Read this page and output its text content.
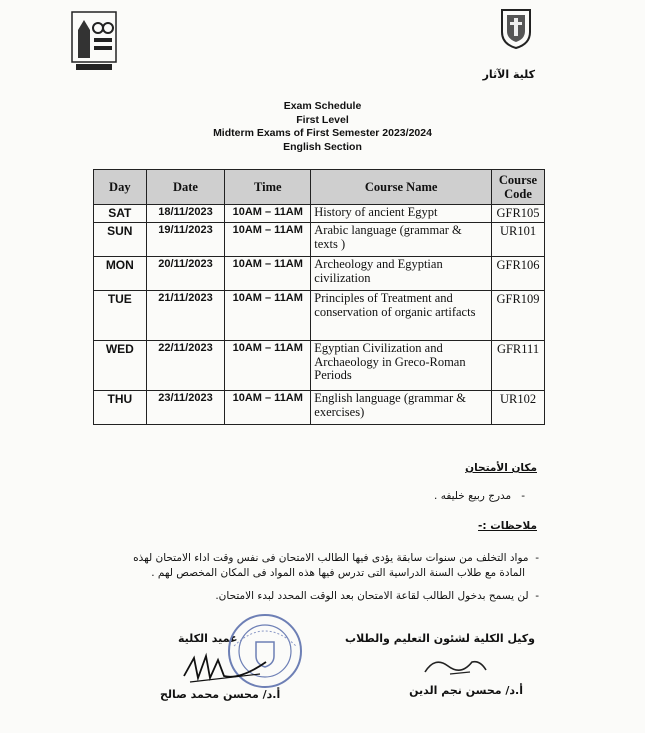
كلية الآثار
Exam Schedule
First Level
Midterm Exams of First Semester 2023/2024
English Section
Day	Date	Time	Course Name	Course Code
SAT	18/11/2023	10AM – 11AM	History of ancient Egypt	GFR105
SUN	19/11/2023	10AM – 11AM	Arabic language (grammar & texts )	UR101
MON	20/11/2023	10AM – 11AM	Archeology and Egyptian civilization	GFR106
TUE	21/11/2023	10AM – 11AM	Principles of Treatment and conservation of organic artifacts	GFR109
WED	22/11/2023	10AM – 11AM	Egyptian Civilization and Archaeology in Greco-Roman Periods	GFR111
THU	23/11/2023	10AM – 11AM	English language (grammar & exercises)	UR102
مكان الأمتحان
-   مدرج ربيع خليفه .
ملاحظات :-
-  مواد التخلف من سنوات سابقة يؤدى فيها الطالب الامتحان فى نفس وقت اداء الامتحان لهذه
المادة مع طلاب السنة الدراسية التى تدرس فيها هذه المواد فى المكان المخصص لهم .
-  لن يسمح بدخول الطالب لقاعة الامتحان بعد الوقت المحدد لبدء الامتحان.
وكيل الكلية لشئون التعليم والطلاب
أ.د/ محسن نجم الدين
عميد الكلية
أ.د/ محسن محمد صالح
